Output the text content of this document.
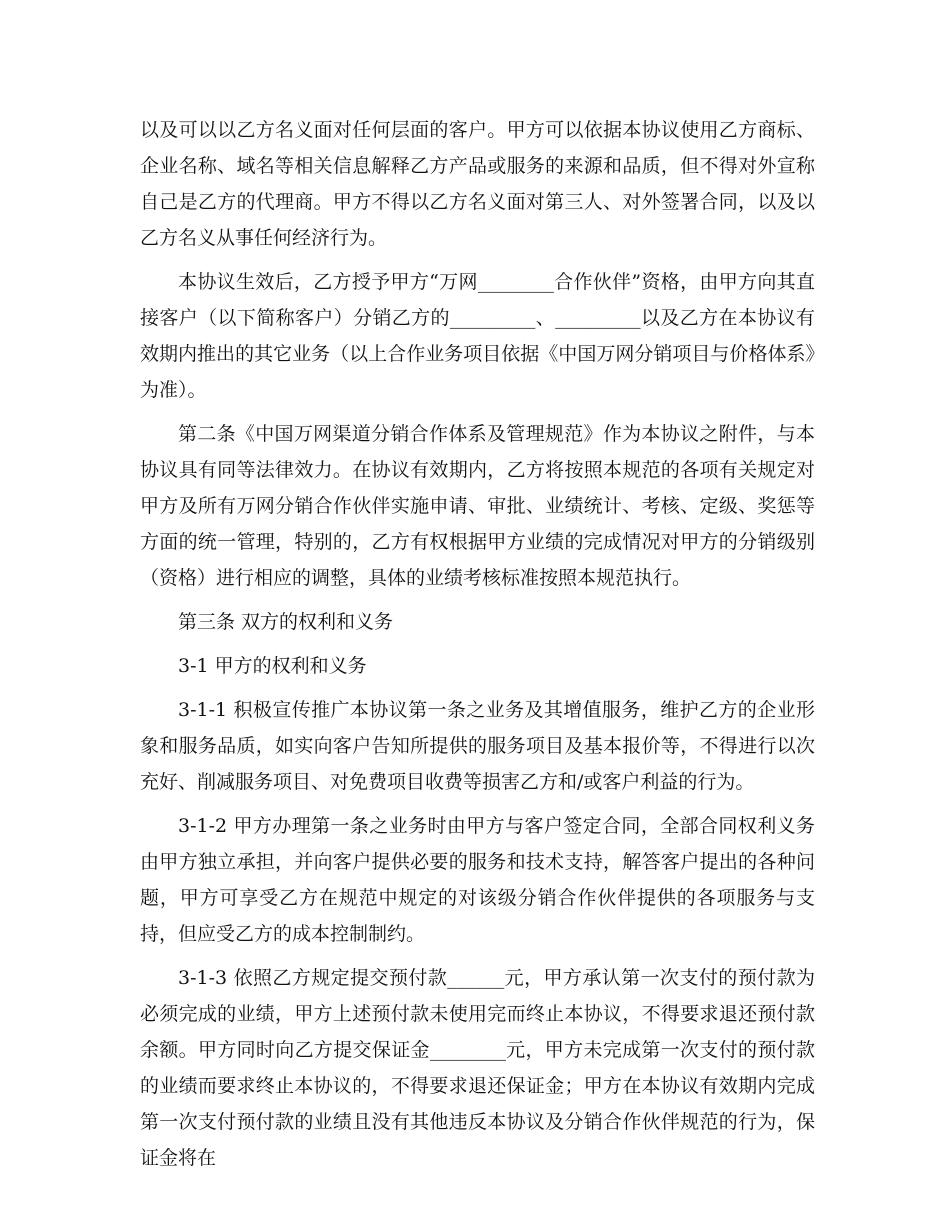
以及可以以乙方名义面对任何层面的客户。甲方可以依据本协议使用乙方商标、企业名称、域名等相关信息解释乙方产品或服务的来源和品质，但不得对外宣称自己是乙方的代理商。甲方不得以乙方名义面对第三人、对外签署合同，以及以乙方名义从事任何经济行为。

本协议生效后，乙方授予甲方“万网________合作伙伴”资格，由甲方向其直接客户（以下简称客户）分销乙方的_________、_________以及乙方在本协议有效期内推出的其它业务（以上合作业务项目依据《中国万网分销项目与价格体系》为准）。

第二条《中国万网渠道分销合作体系及管理规范》作为本协议之附件，与本协议具有同等法律效力。在协议有效期内，乙方将按照本规范的各项有关规定对甲方及所有万网分销合作伙伴实施申请、审批、业绩统计、考核、定级、奖惩等方面的统一管理，特别的，乙方有权根据甲方业绩的完成情况对甲方的分销级别（资格）进行相应的调整，具体的业绩考核标准按照本规范执行。

第三条 双方的权利和义务

3-1 甲方的权利和义务

3-1-1 积极宣传推广本协议第一条之业务及其增值服务，维护乙方的企业形象和服务品质，如实向客户告知所提供的服务项目及基本报价等，不得进行以次充好、削减服务项目、对免费项目收费等损害乙方和/或客户利益的行为。

3-1-2 甲方办理第一条之业务时由甲方与客户签定合同，全部合同权利义务由甲方独立承担，并向客户提供必要的服务和技术支持，解答客户提出的各种问题，甲方可享受乙方在规范中规定的对该级分销合作伙伴提供的各项服务与支持，但应受乙方的成本控制制约。

3-1-3 依照乙方规定提交预付款______元，甲方承认第一次支付的预付款为必须完成的业绩，甲方上述预付款未使用完而终止本协议，不得要求退还预付款余额。甲方同时向乙方提交保证金________元，甲方未完成第一次支付的预付款的业绩而要求终止本协议的，不得要求退还保证金；甲方在本协议有效期内完成第一次支付预付款的业绩且没有其他违反本协议及分销合作伙伴规范的行为，保证金将在
